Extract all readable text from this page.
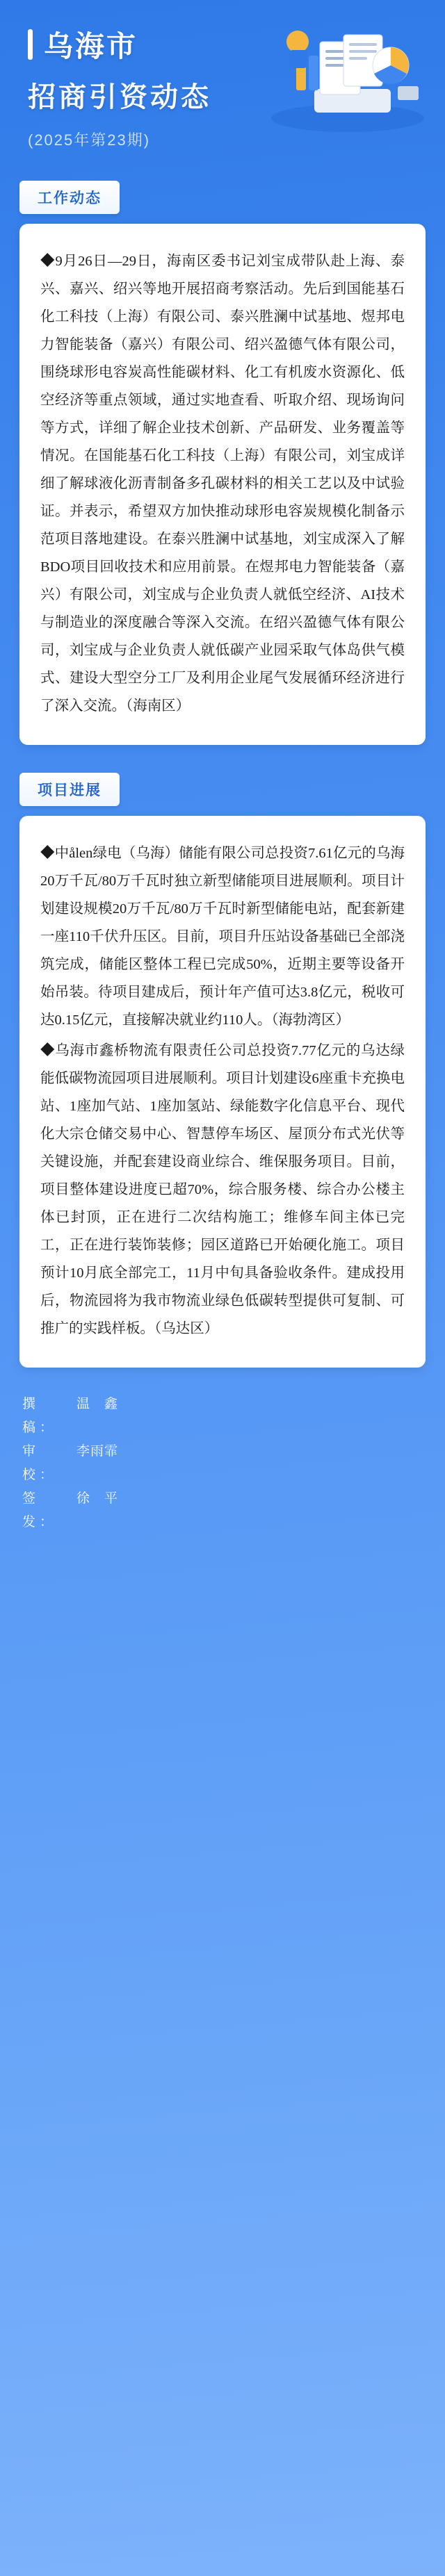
乌海市
招商引资动态
(2025年第23期)
工作动态
◆9月26日—29日，海南区委书记刘宝成带队赴上海、泰兴、嘉兴、绍兴等地开展招商考察活动。先后到国能基石化工科技（上海）有限公司、泰兴胜澜中试基地、煜邦电力智能装备（嘉兴）有限公司、绍兴盈德气体有限公司，围绕球形电容炭高性能碳材料、化工有机废水资源化、低空经济等重点领域，通过实地查看、听取介绍、现场询问等方式，详细了解企业技术创新、产品研发、业务覆盖等情况。在国能基石化工科技（上海）有限公司，刘宝成详细了解球液化沥青制备多孔碳材料的相关工艺以及中试验证。并表示，希望双方加快推动球形电容炭规模化制备示范项目落地建设。在泰兴胜澜中试基地，刘宝成深入了解BDO项目回收技术和应用前景。在煜邦电力智能装备（嘉兴）有限公司，刘宝成与企业负责人就低空经济、AI技术与制造业的深度融合等深入交流。在绍兴盈德气体有限公司，刘宝成与企业负责人就低碳产业园采取气体岛供气模式、建设大型空分工厂及利用企业尾气发展循环经济进行了深入交流。（海南区）
项目进展
◆中ålen绿电（乌海）储能有限公司总投资7.61亿元的乌海20万千瓦/80万千瓦时独立新型储能项目进展顺利。项目计划建设规模20万千瓦/80万千瓦时新型储能电站，配套新建一座110千伏升压区。目前，项目升压站设备基础已全部浇筑完成，储能区整体工程已完成50%，近期主要等设备开始吊装。待项目建成后，预计年产值可达3.8亿元，税收可达0.15亿元，直接解决就业约110人。（海勃湾区）
◆乌海市鑫桥物流有限责任公司总投资7.77亿元的乌达绿能低碳物流园项目进展顺利。项目计划建设6座重卡充换电站、1座加气站、1座加氢站、绿能数字化信息平台、现代化大宗仓储交易中心、智慧停车场区、屋顶分布式光伏等关键设施，并配套建设商业综合、维保服务项目。目前，项目整体建设进度已超70%，综合服务楼、综合办公楼主体已封顶，正在进行二次结构施工；维修车间主体已完工，正在进行装饰装修；园区道路已开始硬化施工。项目预计10月底全部完工，11月中旬具备验收条件。建成投用后，物流园将为我市物流业绿色低碳转型提供可复制、可推广的实践样板。（乌达区）
撰　稿：
温　鑫
审　校：
李雨霏
签　发：
徐　平
